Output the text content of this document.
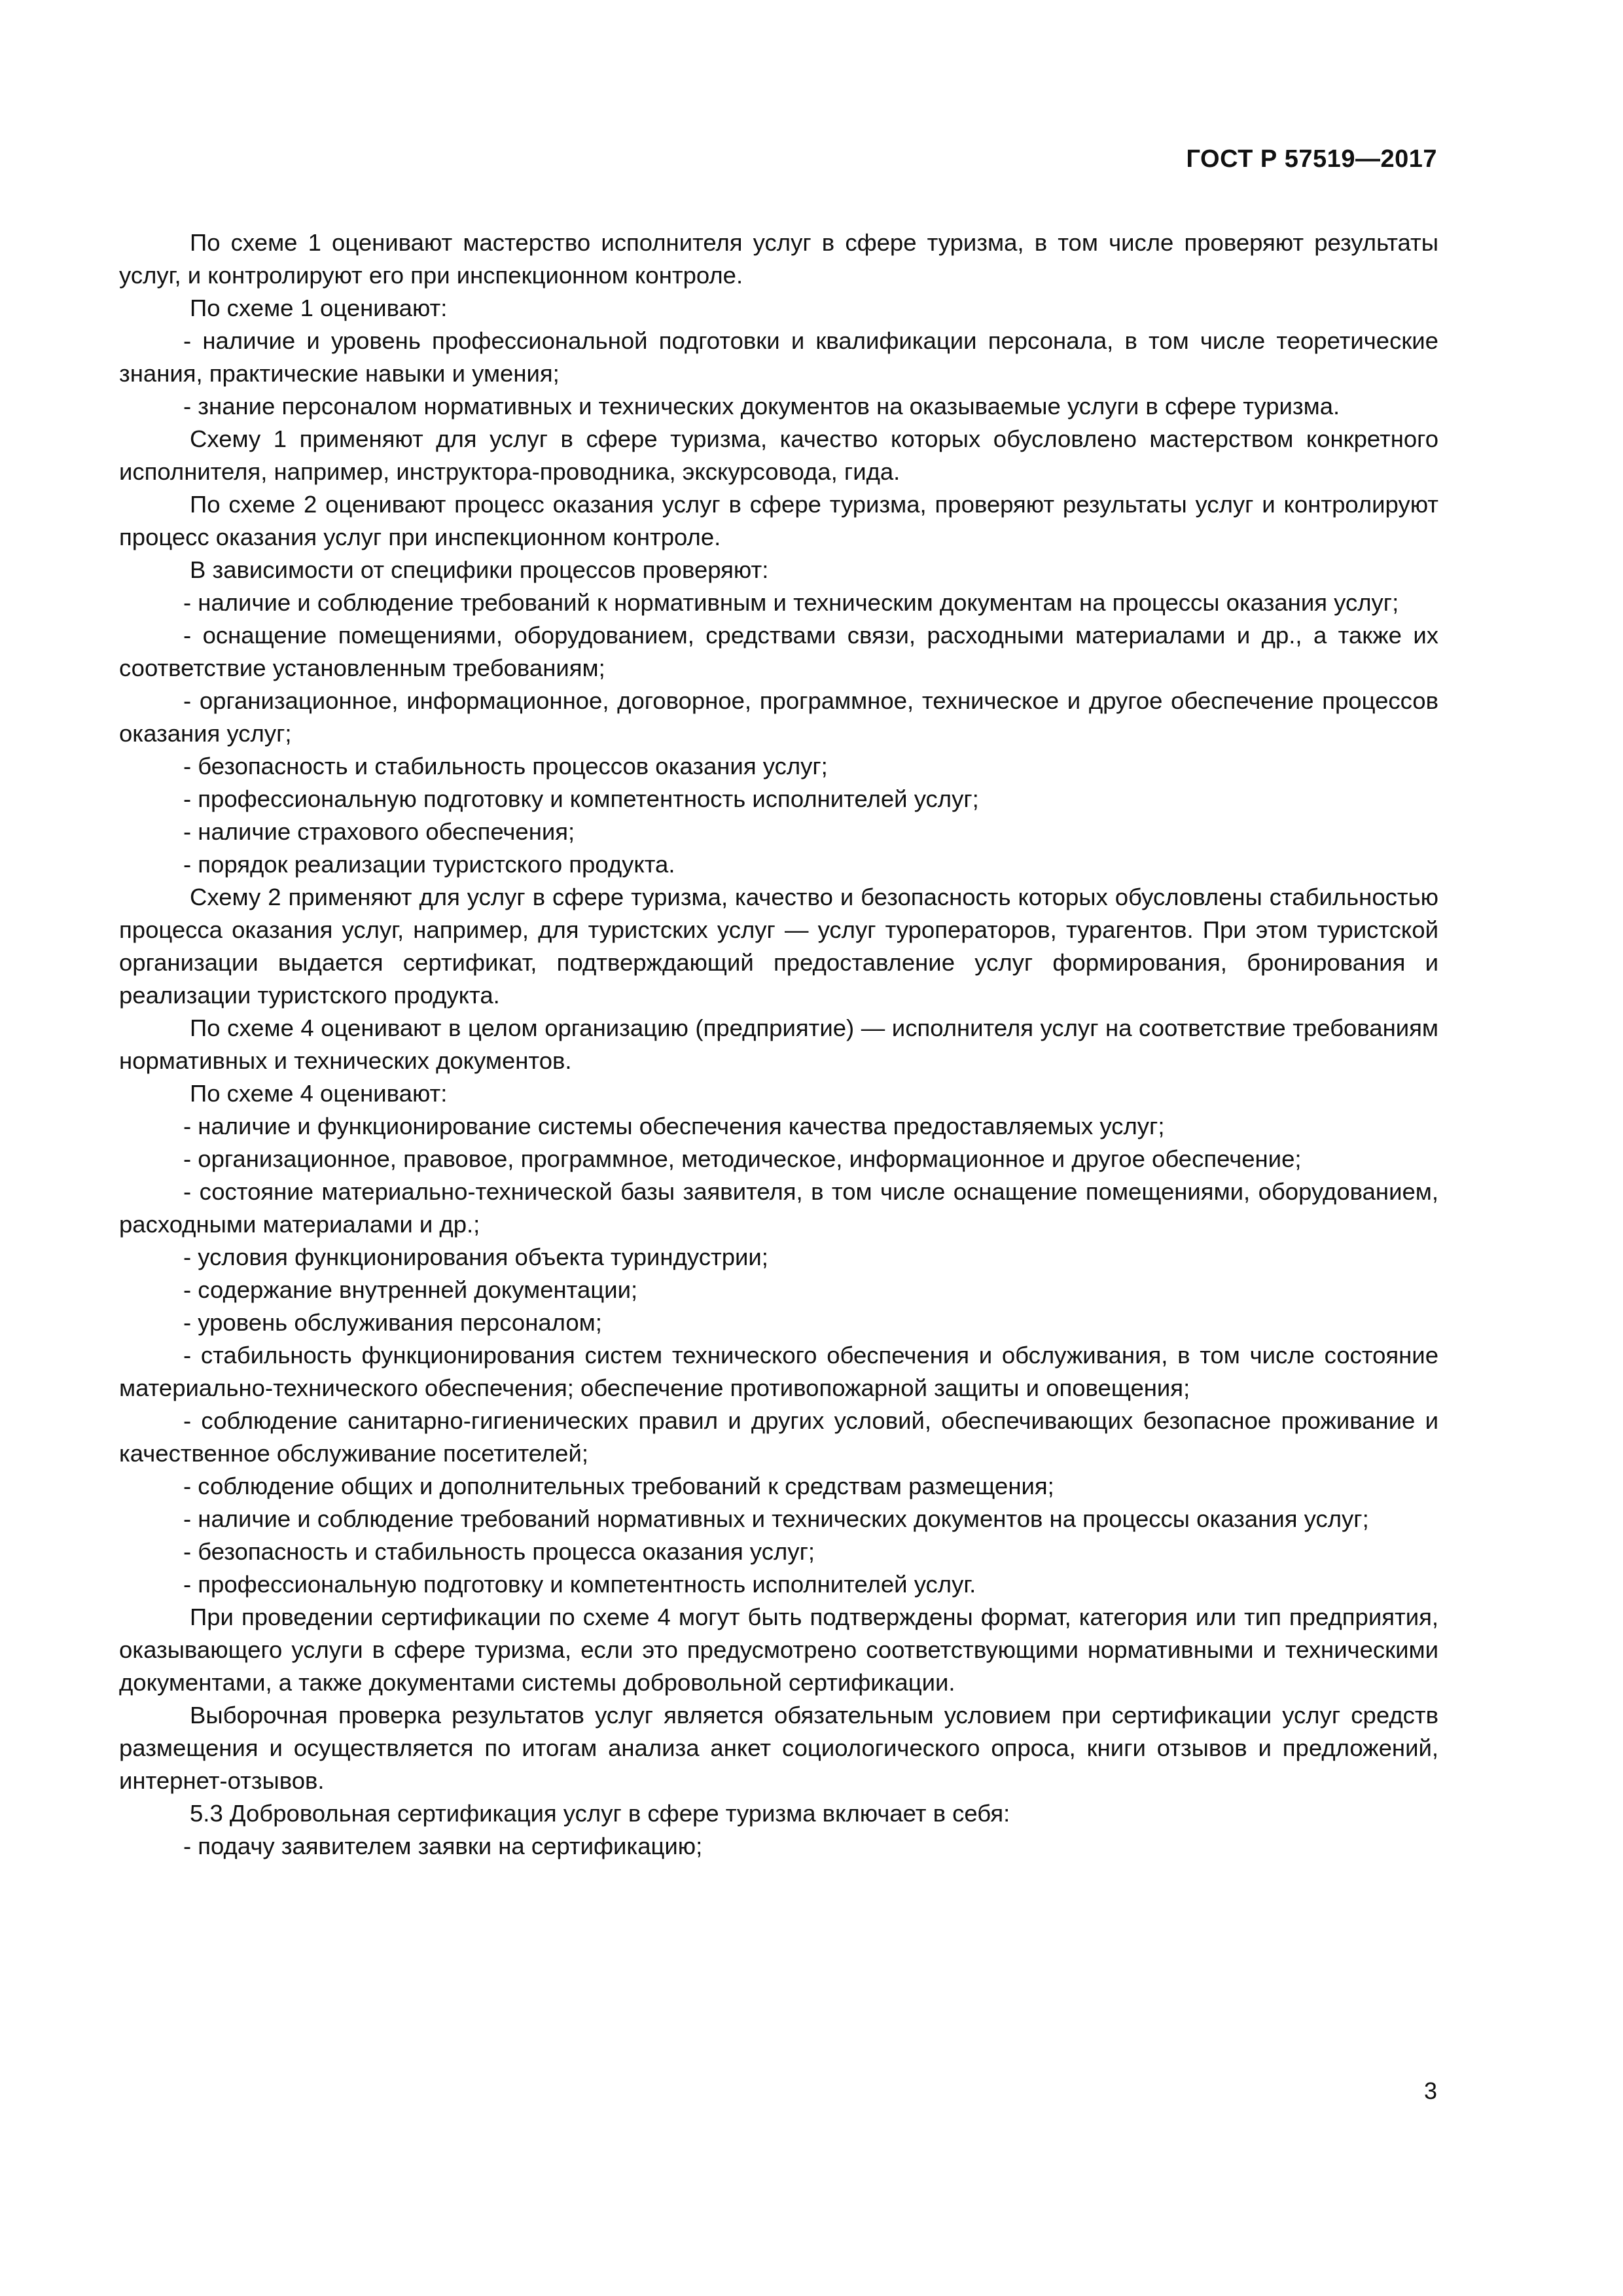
ГОСТ Р 57519—2017

По схеме 1 оценивают мастерство исполнителя услуг в сфере туризма, в том числе проверяют результаты услуг, и контролируют его при инспекционном контроле.

По схеме 1 оценивают:

- наличие и уровень профессиональной подготовки и квалификации персонала, в том числе теоретические знания, практические навыки и умения;

- знание персоналом нормативных и технических документов на оказываемые услуги в сфере туризма.

Схему 1 применяют для услуг в сфере туризма, качество которых обусловлено мастерством конкретного исполнителя, например, инструктора-проводника, экскурсовода, гида.

По схеме 2 оценивают процесс оказания услуг в сфере туризма, проверяют результаты услуг и контролируют процесс оказания услуг при инспекционном контроле.

В зависимости от специфики процессов проверяют:

- наличие и соблюдение требований к нормативным и техническим документам на процессы оказания услуг;

- оснащение помещениями, оборудованием, средствами связи, расходными материалами и др., а также их соответствие установленным требованиям;

- организационное, информационное, договорное, программное, техническое и другое обеспечение процессов оказания услуг;

- безопасность и стабильность процессов оказания услуг;

- профессиональную подготовку и компетентность исполнителей услуг;

- наличие страхового обеспечения;

- порядок реализации туристского продукта.

Схему 2 применяют для услуг в сфере туризма, качество и безопасность которых обусловлены стабильностью процесса оказания услуг, например, для туристских услуг — услуг туроператоров, турагентов. При этом туристской организации выдается сертификат, подтверждающий предоставление услуг формирования, бронирования и реализации туристского продукта.

По схеме 4 оценивают в целом организацию (предприятие) — исполнителя услуг на соответствие требованиям нормативных и технических документов.

По схеме 4 оценивают:

- наличие и функционирование системы обеспечения качества предоставляемых услуг;

- организационное, правовое, программное, методическое, информационное и другое обеспечение;

- состояние материально-технической базы заявителя, в том числе оснащение помещениями, оборудованием, расходными материалами и др.;

- условия функционирования объекта туриндустрии;

- содержание внутренней документации;

- уровень обслуживания персоналом;

- стабильность функционирования систем технического обеспечения и обслуживания, в том числе состояние материально-технического обеспечения; обеспечение противопожарной защиты и оповещения;

- соблюдение санитарно-гигиенических правил и других условий, обеспечивающих безопасное проживание и качественное обслуживание посетителей;

- соблюдение общих и дополнительных требований к средствам размещения;

- наличие и соблюдение требований нормативных и технических документов на процессы оказания услуг;

- безопасность и стабильность процесса оказания услуг;

- профессиональную подготовку и компетентность исполнителей услуг.

При проведении сертификации по схеме 4 могут быть подтверждены формат, категория или тип предприятия, оказывающего услуги в сфере туризма, если это предусмотрено соответствующими нормативными и техническими документами, а также документами системы добровольной сертификации.

Выборочная проверка результатов услуг является обязательным условием при сертификации услуг средств размещения и осуществляется по итогам анализа анкет социологического опроса, книги отзывов и предложений, интернет-отзывов.

5.3 Добровольная сертификация услуг в сфере туризма включает в себя:

- подачу заявителем заявки на сертификацию;

3
